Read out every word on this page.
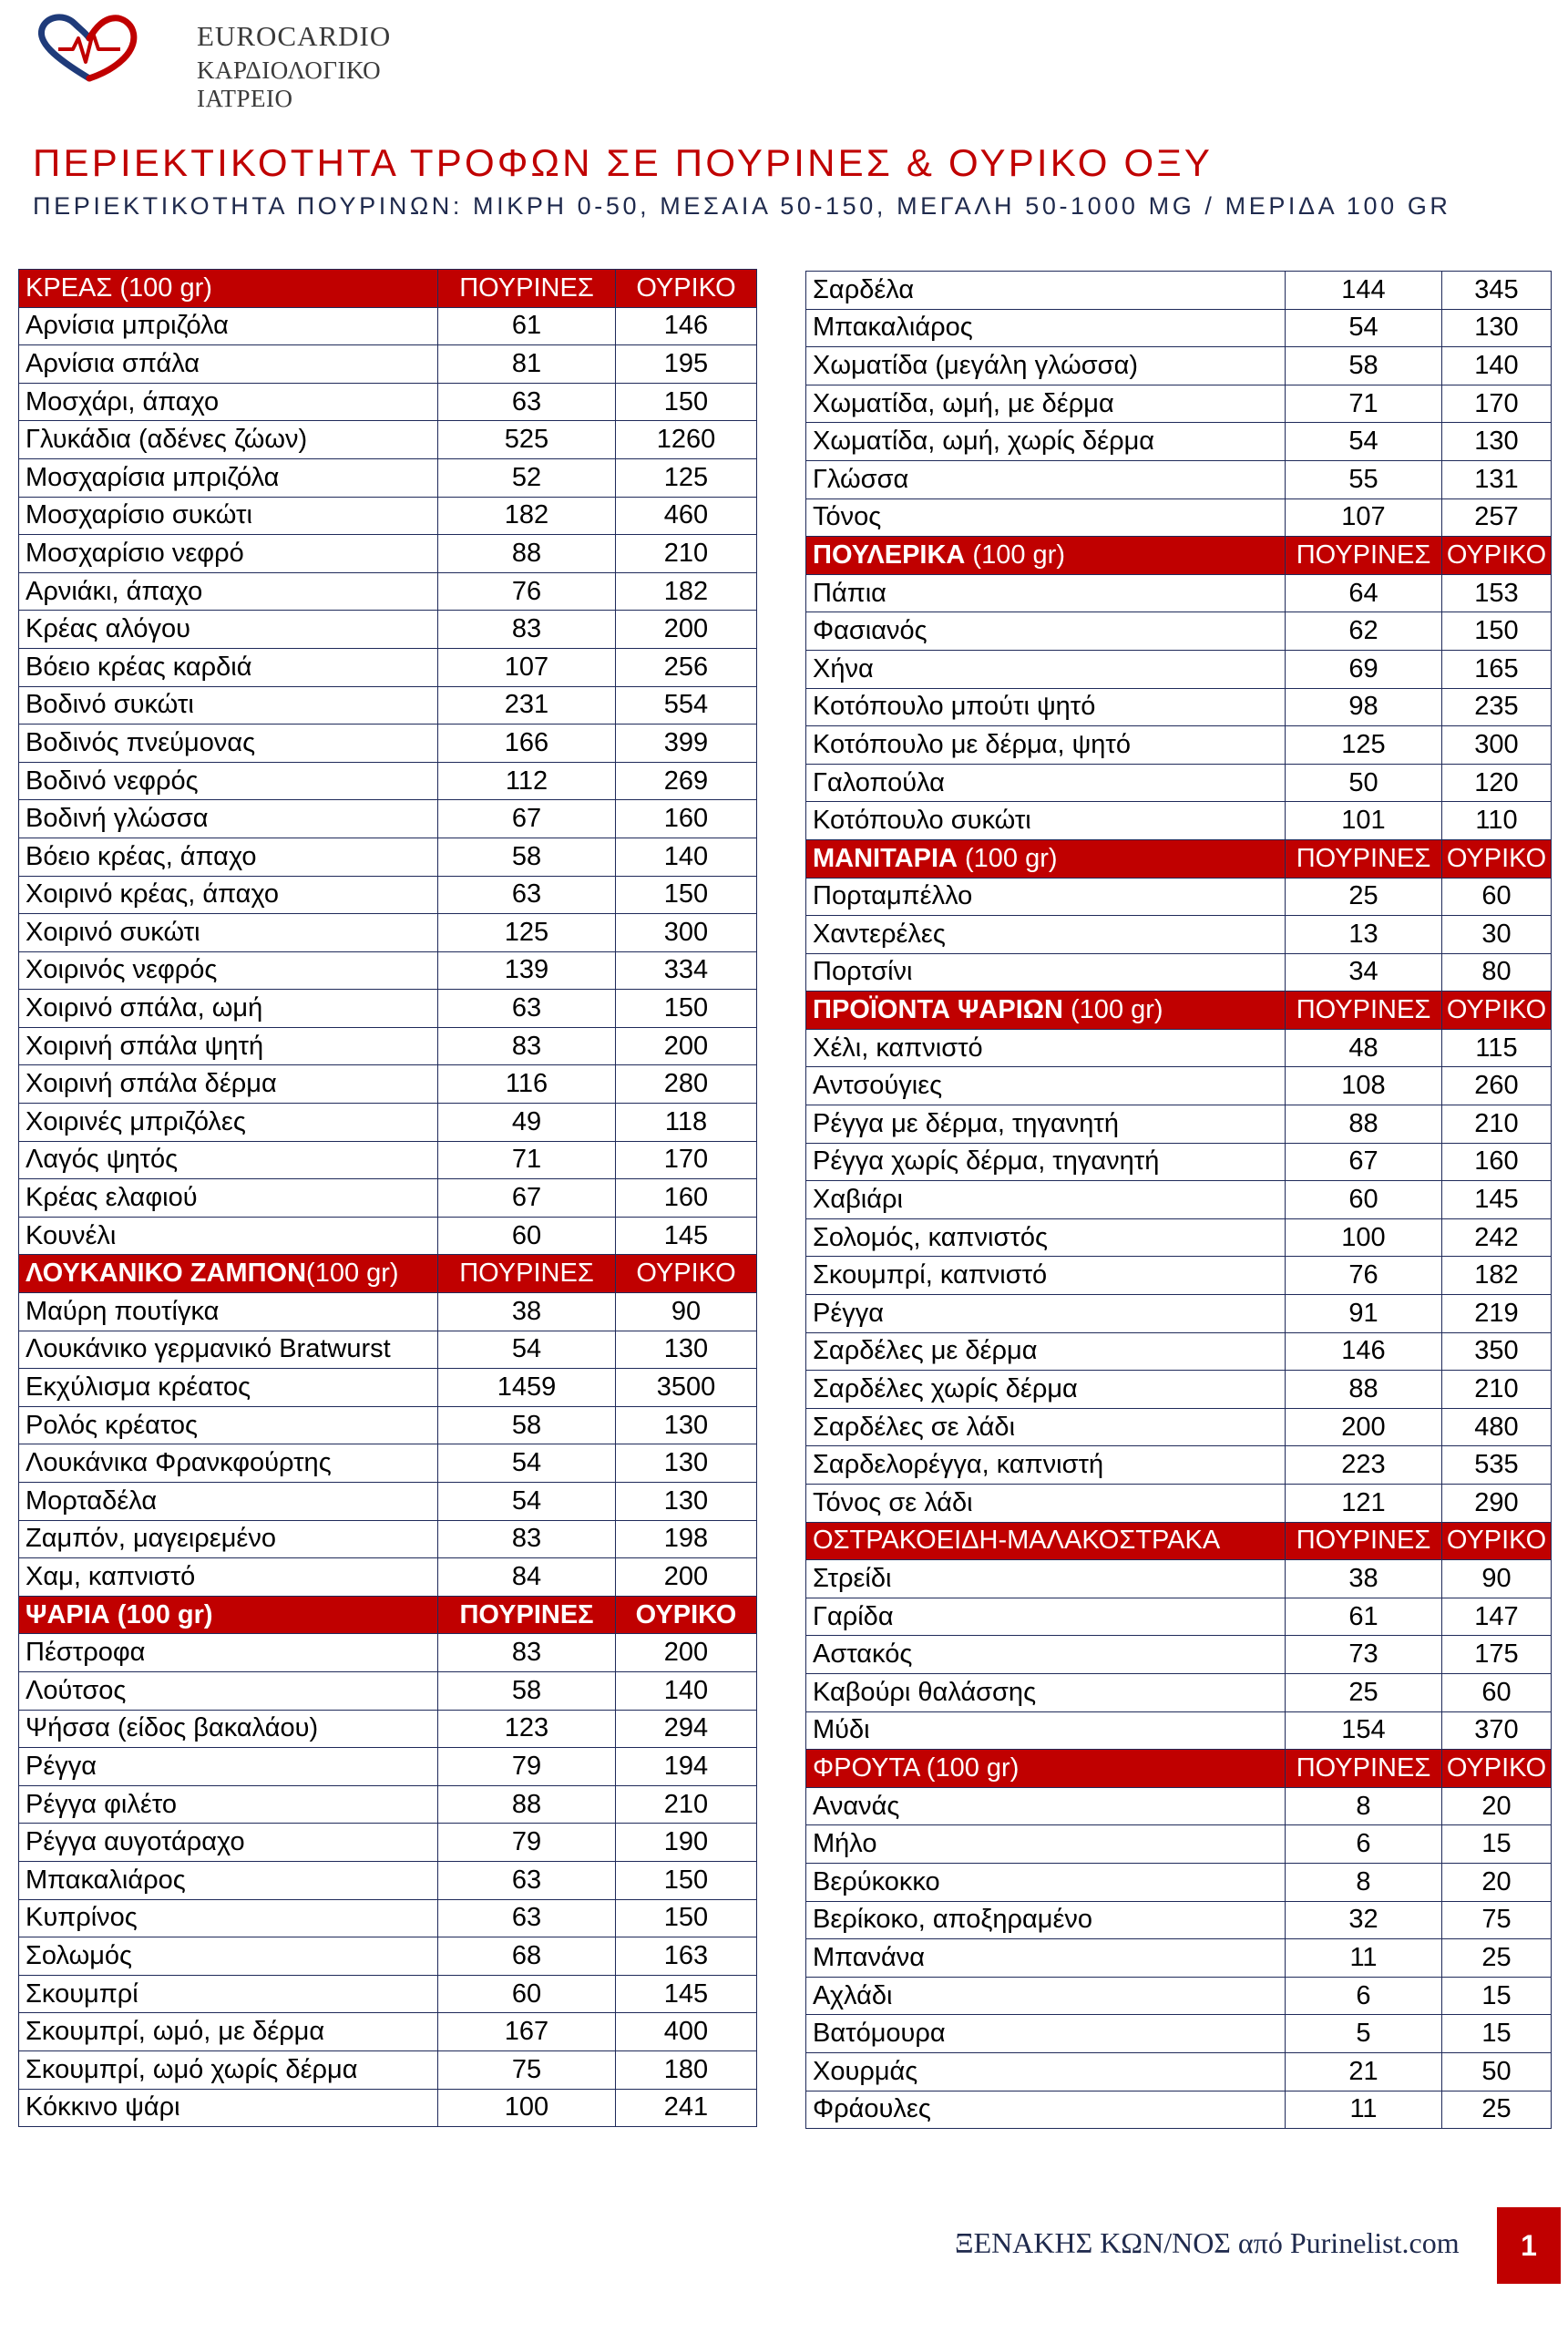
EUROCARDIO
ΚΑΡΔΙΟΛΟΓΙΚΟ ΙΑΤΡΕΙΟ
ΠΕΡΙΕΚΤΙΚΟΤΗΤΑ ΤΡΟΦΩΝ ΣΕ ΠΟΥΡΙΝΕΣ & ΟΥΡΙΚΟ ΟΞΥ
ΠΕΡΙΕΚΤΙΚΟΤΗΤΑ ΠΟΥΡΙΝΩΝ: ΜΙΚΡΗ 0-50, ΜΕΣΑΙΑ 50-150, ΜΕΓΑΛΗ 50-1000 MG / ΜΕΡΙΔΑ 100 GR
ΚΡΕΑΣ (100 gr)	ΠΟΥΡΙΝΕΣ	ΟΥΡΙΚΟ
Αρνίσια μπριζόλα	61	146
Αρνίσια σπάλα	81	195
Μοσχάρι, άπαχο	63	150
Γλυκάδια (αδένες ζώων)	525	1260
Μοσχαρίσια μπριζόλα	52	125
Μοσχαρίσιο συκώτι	182	460
Μοσχαρίσιο νεφρό	88	210
Αρνιάκι, άπαχο	76	182
Κρέας αλόγου	83	200
Βόειο κρέας καρδιά	107	256
Βοδινό συκώτι	231	554
Βοδινός πνεύμονας	166	399
Βοδινό νεφρός	112	269
Βοδινή γλώσσα	67	160
Βόειο κρέας, άπαχο	58	140
Χοιρινό κρέας, άπαχο	63	150
Χοιρινό συκώτι	125	300
Χοιρινός νεφρός	139	334
Χοιρινό σπάλα, ωμή	63	150
Χοιρινή σπάλα ψητή	83	200
Χοιρινή σπάλα δέρμα	116	280
Χοιρινές μπριζόλες	49	118
Λαγός ψητός	71	170
Κρέας ελαφιού	67	160
Κουνέλι	60	145
ΛΟΥΚΑΝΙΚΟ ΖΑΜΠΟΝ(100 gr)	ΠΟΥΡΙΝΕΣ	ΟΥΡΙΚΟ
Μαύρη πουτίγκα	38	90
Λουκάνικο γερμανικό Bratwurst	54	130
Εκχύλισμα κρέατος	1459	3500
Ρολός κρέατος	58	130
Λουκάνικα Φρανκφούρτης	54	130
Μορταδέλα	54	130
Ζαμπόν, μαγειρεμένο	83	198
Χαμ, καπνιστό	84	200
ΨΑΡΙΑ (100 gr)	ΠΟΥΡΙΝΕΣ	ΟΥΡΙΚΟ
Πέστροφα	83	200
Λούτσος	58	140
Ψήσσα (είδος βακαλάου)	123	294
Ρέγγα	79	194
Ρέγγα φιλέτο	88	210
Ρέγγα αυγοτάραχο	79	190
Μπακαλιάρος	63	150
Κυπρίνος	63	150
Σολωμός	68	163
Σκουμπρί	60	145
Σκουμπρί, ωμό, με δέρμα	167	400
Σκουμπρί, ωμό χωρίς δέρμα	75	180
Κόκκινο ψάρι	100	241
Σαρδέλα	144	345
Μπακαλιάρος	54	130
Χωματίδα (μεγάλη γλώσσα)	58	140
Χωματίδα, ωμή, με δέρμα	71	170
Χωματίδα, ωμή, χωρίς δέρμα	54	130
Γλώσσα	55	131
Τόνος	107	257
ΠΟΥΛΕΡΙΚΑ (100 gr)	ΠΟΥΡΙΝΕΣ	ΟΥΡΙΚΟ
Πάπια	64	153
Φασιανός	62	150
Χήνα	69	165
Κοτόπουλο μπούτι ψητό	98	235
Κοτόπουλο με δέρμα, ψητό	125	300
Γαλοπούλα	50	120
Κοτόπουλο συκώτι	101	110
ΜΑΝΙΤΑΡΙΑ (100 gr)	ΠΟΥΡΙΝΕΣ	ΟΥΡΙΚΟ
Πορταμπέλλο	25	60
Χαντερέλες	13	30
Πορτσίνι	34	80
ΠΡΟΪΟΝΤΑ ΨΑΡΙΩΝ (100 gr)	ΠΟΥΡΙΝΕΣ	ΟΥΡΙΚΟ
Χέλι, καπνιστό	48	115
Αντσούγιες	108	260
Ρέγγα με δέρμα, τηγανητή	88	210
Ρέγγα χωρίς δέρμα, τηγανητή	67	160
Χαβιάρι	60	145
Σολομός, καπνιστός	100	242
Σκουμπρί, καπνιστό	76	182
Ρέγγα	91	219
Σαρδέλες με δέρμα	146	350
Σαρδέλες χωρίς δέρμα	88	210
Σαρδέλες σε λάδι	200	480
Σαρδελορέγγα, καπνιστή	223	535
Τόνος σε λάδι	121	290
ΟΣΤΡΑΚΟΕΙΔΗ-ΜΑΛΑΚΟΣΤΡΑΚΑ	ΠΟΥΡΙΝΕΣ	ΟΥΡΙΚΟ
Στρείδι	38	90
Γαρίδα	61	147
Αστακός	73	175
Καβούρι θαλάσσης	25	60
Μύδι	154	370
ΦΡΟΥΤΑ (100 gr)	ΠΟΥΡΙΝΕΣ	ΟΥΡΙΚΟ
Ανανάς	8	20
Μήλο	6	15
Βερύκοκκο	8	20
Βερίκοκο, αποξηραμένο	32	75
Μπανάνα	11	25
Αχλάδι	6	15
Βατόμουρα	5	15
Χουρμάς	21	50
Φράουλες	11	25
ΞΕΝΑΚΗΣ ΚΩΝ/ΝΟΣ από Purinelist.com	1
